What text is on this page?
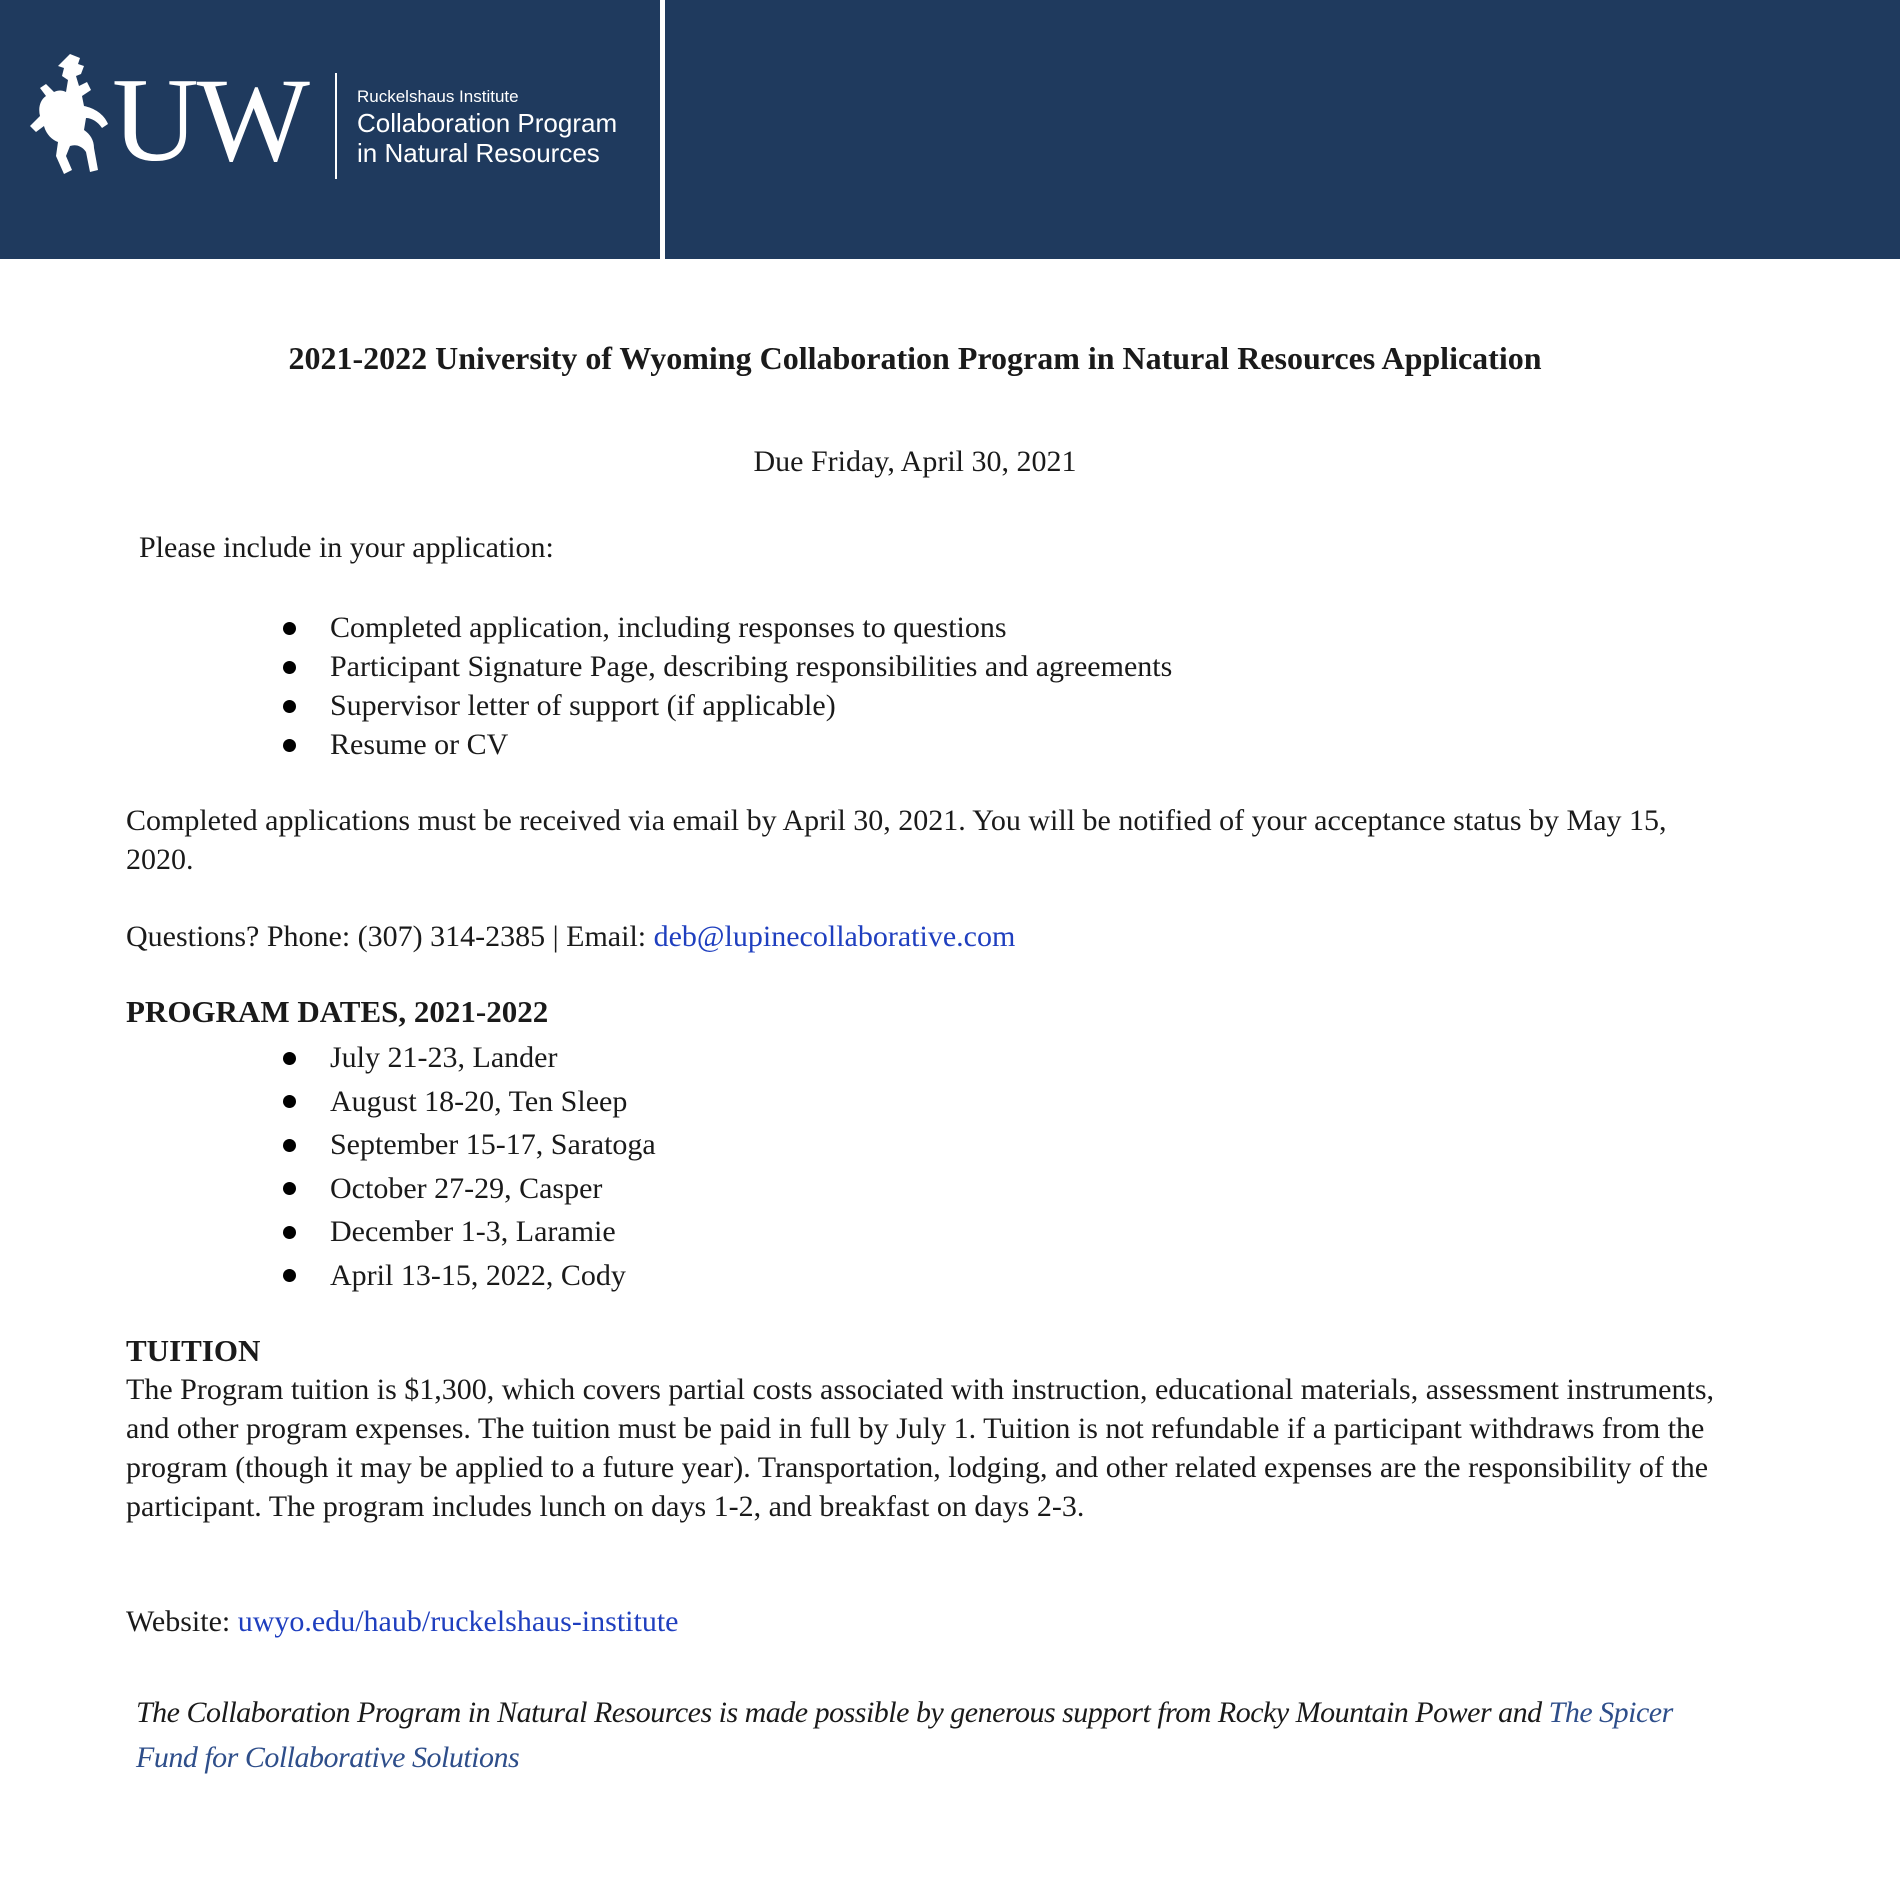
UW	Ruckelshaus Institute
Collaboration Program
in Natural Resources
2021-2022 University of Wyoming Collaboration Program in Natural Resources Application
Due Friday, April 30, 2021

Please include in your application:

Completed application, including responses to questions
Participant Signature Page, describing responsibilities and agreements
Supervisor letter of support (if applicable)
Resume or CV

Completed applications must be received via email by April 30, 2021. You will be notified of your acceptance status by May 15, 2020.

Questions? Phone: (307) 314-2385 | Email: deb@lupinecollaborative.com

PROGRAM DATES, 2021-2022
July 21-23, Lander
August 18-20, Ten Sleep
September 15-17, Saratoga
October 27-29, Casper
December 1-3, Laramie
April 13-15, 2022, Cody
TUITION

The Program tuition is $1,300, which covers partial costs associated with instruction, educational materials, assessment instruments, and other program expenses. The tuition must be paid in full by July 1. Tuition is not refundable if a participant withdraws from the program (though it may be applied to a future year). Transportation, lodging, and other related expenses are the responsibility of the participant. The program includes lunch on days 1-2, and breakfast on days 2-3.

Website: uwyo.edu/haub/ruckelshaus-institute

The Collaboration Program in Natural Resources is made possible by generous support from Rocky Mountain Power and The Spicer Fund for Collaborative Solutions
